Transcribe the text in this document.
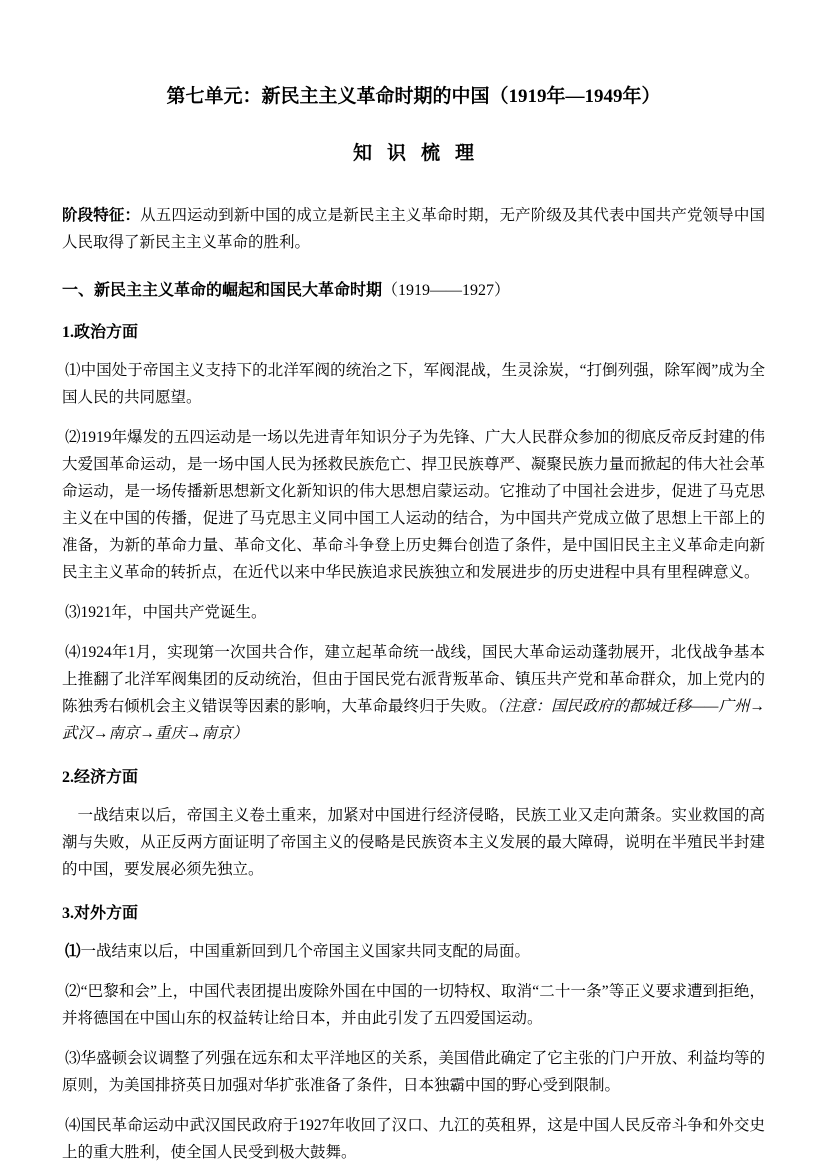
第七单元：新民主主义革命时期的中国（1919年—1949年）
知识梳理

阶段特征：从五四运动到新中国的成立是新民主主义革命时期，无产阶级及其代表中国共产党领导中国人民取得了新民主主义革命的胜利。

一、新民主主义革命的崛起和国民大革命时期（1919——1927）
1.政治方面

⑴中国处于帝国主义支持下的北洋军阀的统治之下，军阀混战，生灵涂炭，“打倒列强，除军阀”成为全国人民的共同愿望。

⑵1919年爆发的五四运动是一场以先进青年知识分子为先锋、广大人民群众参加的彻底反帝反封建的伟大爱国革命运动，是一场中国人民为拯救民族危亡、捍卫民族尊严、凝聚民族力量而掀起的伟大社会革命运动，是一场传播新思想新文化新知识的伟大思想启蒙运动。它推动了中国社会进步，促进了马克思主义在中国的传播，促进了马克思主义同中国工人运动的结合，为中国共产党成立做了思想上干部上的准备，为新的革命力量、革命文化、革命斗争登上历史舞台创造了条件，是中国旧民主主义革命走向新民主主义革命的转折点，在近代以来中华民族追求民族独立和发展进步的历史进程中具有里程碑意义。

⑶1921年，中国共产党诞生。

⑷1924年1月，实现第一次国共合作，建立起革命统一战线，国民大革命运动蓬勃展开，北伐战争基本上推翻了北洋军阀集团的反动统治，但由于国民党右派背叛革命、镇压共产党和革命群众，加上党内的陈独秀右倾机会主义错误等因素的影响，大革命最终归于失败。（注意：国民政府的都城迁移——广州→武汉→南京→重庆→南京）

2.经济方面

一战结束以后，帝国主义卷土重来，加紧对中国进行经济侵略，民族工业又走向萧条。实业救国的高潮与失败，从正反两方面证明了帝国主义的侵略是民族资本主义发展的最大障碍，说明在半殖民半封建的中国，要发展必须先独立。

3.对外方面

⑴一战结束以后，中国重新回到几个帝国主义国家共同支配的局面。

⑵“巴黎和会”上，中国代表团提出废除外国在中国的一切特权、取消“二十一条”等正义要求遭到拒绝，并将德国在中国山东的权益转让给日本，并由此引发了五四爱国运动。

⑶华盛顿会议调整了列强在远东和太平洋地区的关系，美国借此确定了它主张的门户开放、利益均等的原则，为美国排挤英日加强对华扩张准备了条件，日本独霸中国的野心受到限制。

⑷国民革命运动中武汉国民政府于1927年收回了汉口、九江的英租界，这是中国人民反帝斗争和外交史上的重大胜利，使全国人民受到极大鼓舞。
